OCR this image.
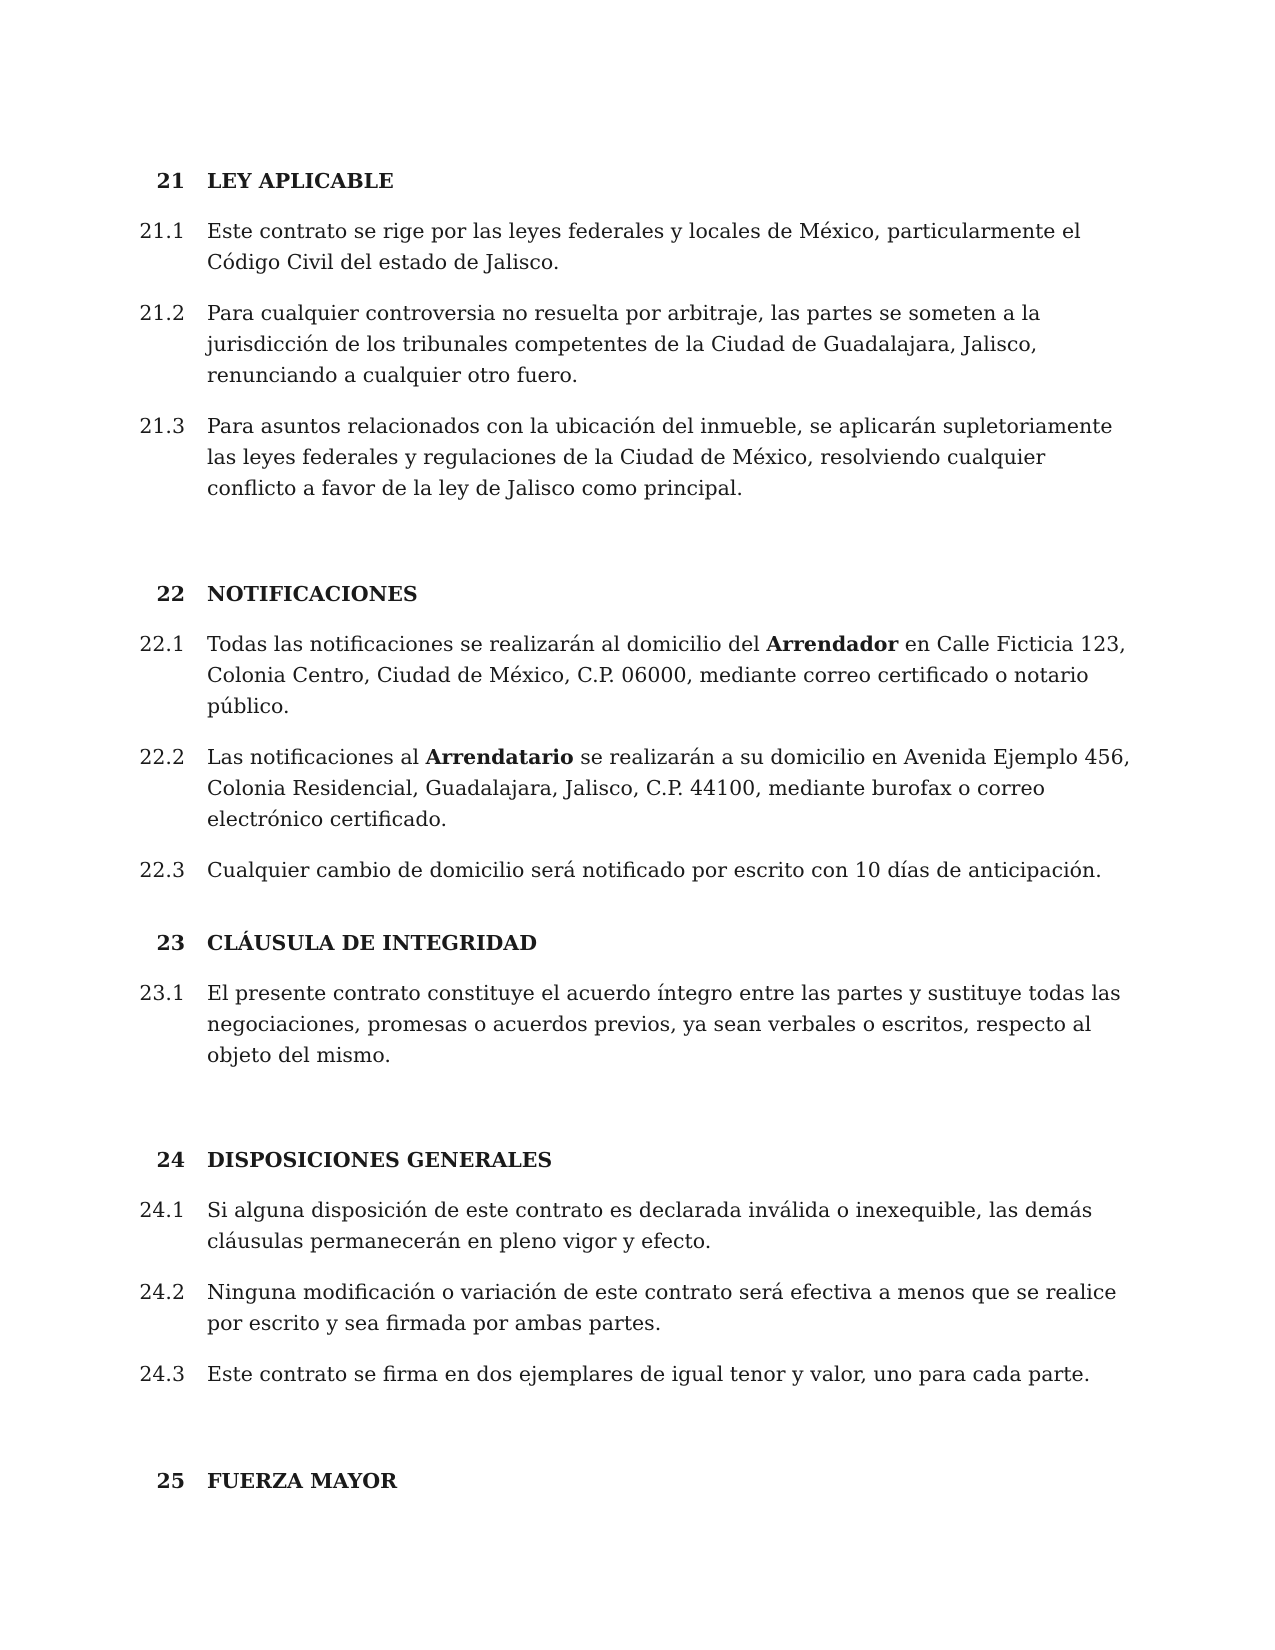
21 LEY APLICABLE
21.1 Este contrato se rige por las leyes federales y locales de México, particularmente el Código Civil del estado de Jalisco.
21.2 Para cualquier controversia no resuelta por arbitraje, las partes se someten a la jurisdicción de los tribunales competentes de la Ciudad de Guadalajara, Jalisco, renunciando a cualquier otro fuero.
21.3 Para asuntos relacionados con la ubicación del inmueble, se aplicarán supletoriamente las leyes federales y regulaciones de la Ciudad de México, resolviendo cualquier conflicto a favor de la ley de Jalisco como principal.
22 NOTIFICACIONES
22.1 Todas las notificaciones se realizarán al domicilio del Arrendador en Calle Ficticia 123, Colonia Centro, Ciudad de México, C.P. 06000, mediante correo certificado o notario público.
22.2 Las notificaciones al Arrendatario se realizarán a su domicilio en Avenida Ejemplo 456, Colonia Residencial, Guadalajara, Jalisco, C.P. 44100, mediante burofax o correo electrónico certificado.
22.3 Cualquier cambio de domicilio será notificado por escrito con 10 días de anticipación.
23 CLÁUSULA DE INTEGRIDAD
23.1 El presente contrato constituye el acuerdo íntegro entre las partes y sustituye todas las negociaciones, promesas o acuerdos previos, ya sean verbales o escritos, respecto al objeto del mismo.
24 DISPOSICIONES GENERALES
24.1 Si alguna disposición de este contrato es declarada inválida o inexequible, las demás cláusulas permanecerán en pleno vigor y efecto.
24.2 Ninguna modificación o variación de este contrato será efectiva a menos que se realice por escrito y sea firmada por ambas partes.
24.3 Este contrato se firma en dos ejemplares de igual tenor y valor, uno para cada parte.
25 FUERZA MAYOR
